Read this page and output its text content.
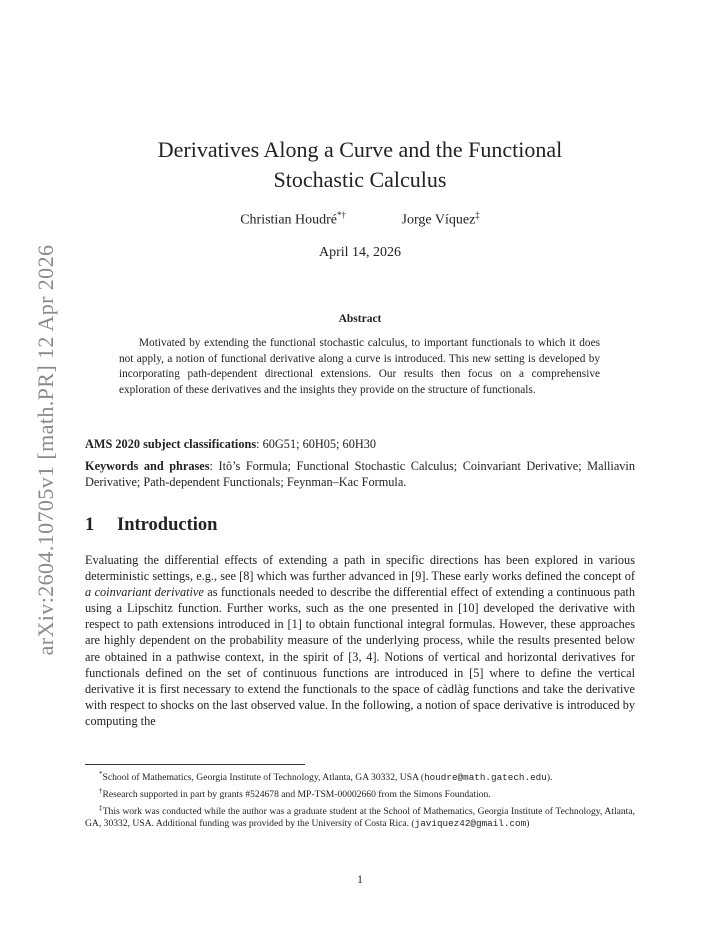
arXiv:2604.10705v1 [math.PR] 12 Apr 2026
Derivatives Along a Curve and the Functional
Stochastic Calculus
Christian Houdré*†	Jorge Víquez‡
April 14, 2026
Abstract
Motivated by extending the functional stochastic calculus, to important functionals to which it does not apply, a notion of functional derivative along a curve is introduced. This new setting is developed by incorporating path-dependent directional extensions. Our results then focus on a comprehensive exploration of these derivatives and the insights they provide on the structure of functionals.
AMS 2020 subject classifications: 60G51; 60H05; 60H30
Keywords and phrases: Itô’s Formula; Functional Stochastic Calculus; Coinvariant Derivative; Malliavin Derivative; Path-dependent Functionals; Feynman–Kac Formula.
1 Introduction
Evaluating the differential effects of extending a path in specific directions has been explored in various deterministic settings, e.g., see [8] which was further advanced in [9]. These early works defined the concept of a coinvariant derivative as functionals needed to describe the differential effect of extending a continuous path using a Lipschitz function. Further works, such as the one presented in [10] developed the derivative with respect to path extensions introduced in [1] to obtain functional integral formulas. However, these approaches are highly dependent on the probability measure of the underlying process, while the results presented below are obtained in a pathwise context, in the spirit of [3, 4]. Notions of vertical and horizontal derivatives for functionals defined on the set of continuous functions are introduced in [5] where to define the vertical derivative it is first necessary to extend the functionals to the space of càdlàg functions and take the derivative with respect to shocks on the last observed value. In the following, a notion of space derivative is introduced by computing the

*School of Mathematics, Georgia Institute of Technology, Atlanta, GA 30332, USA (houdre@math.gatech.edu).

†Research supported in part by grants #524678 and MP-TSM-00002660 from the Simons Foundation.

‡This work was conducted while the author was a graduate student at the School of Mathematics, Georgia Institute of Technology, Atlanta, GA, 30332, USA. Additional funding was provided by the University of Costa Rica. (javiquez42@gmail.com)

1
